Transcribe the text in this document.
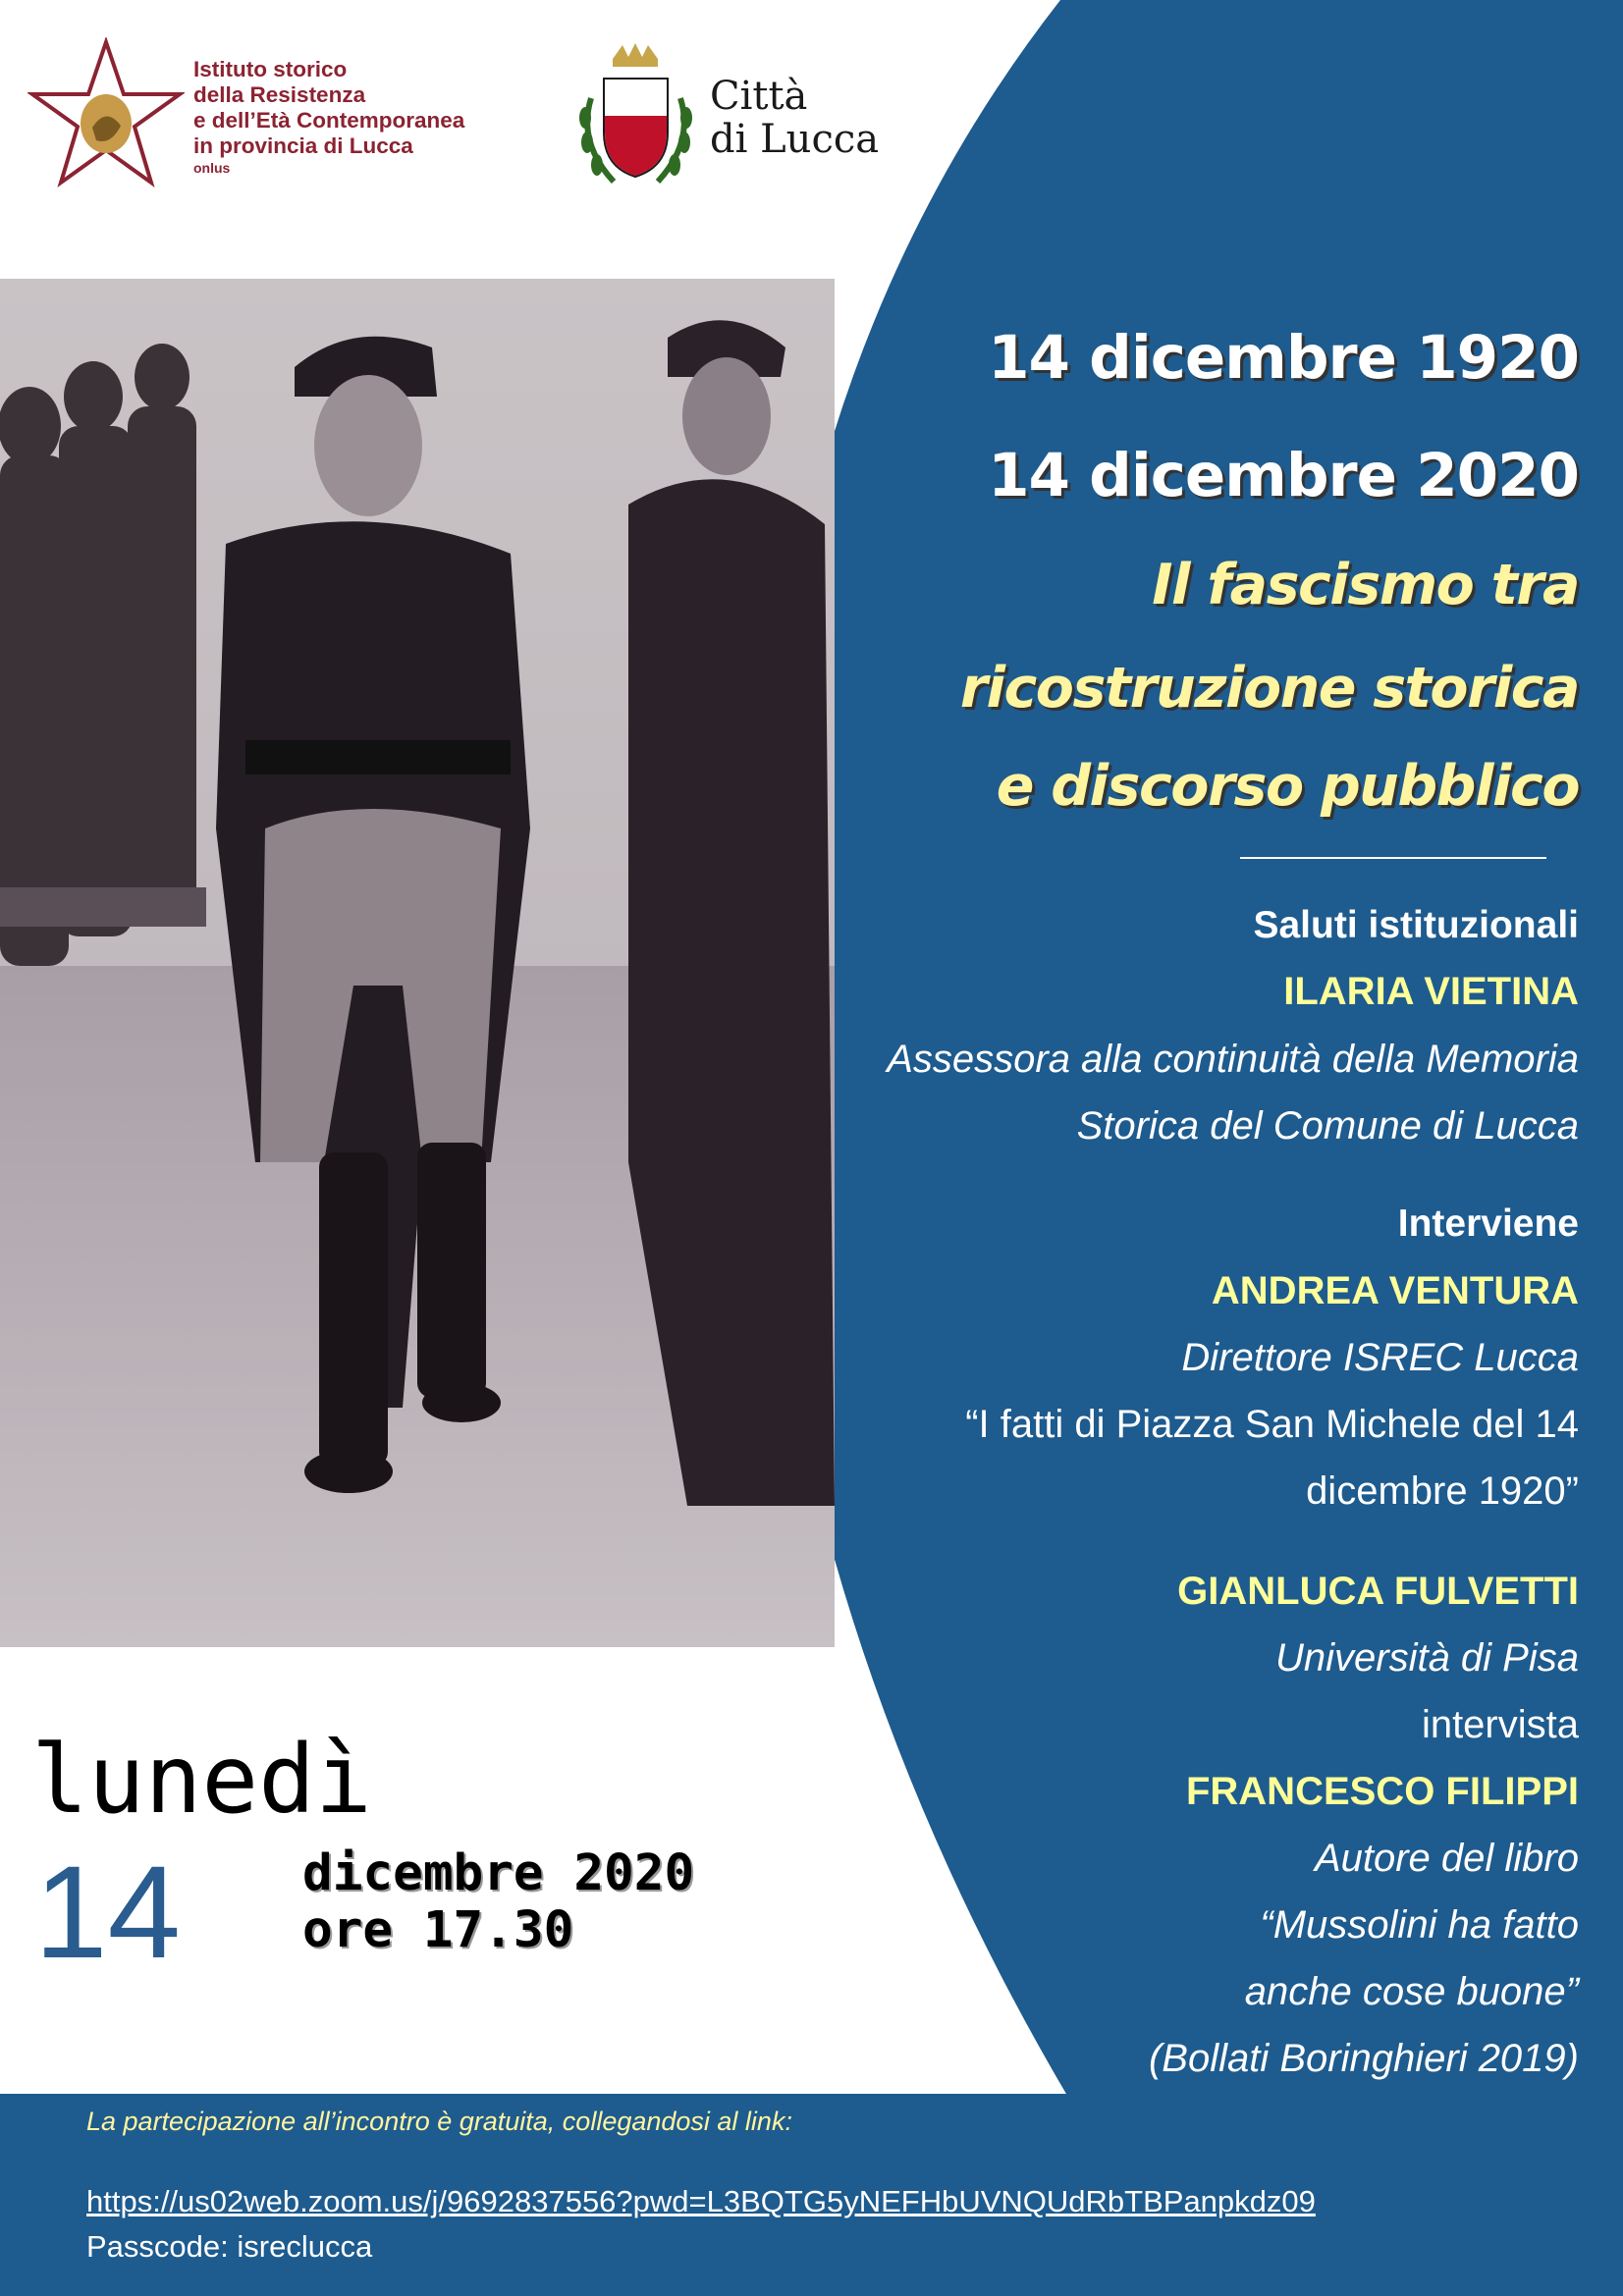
Istituto storico
della Resistenza
e dell’Età Contemporanea
in provincia di Lucca
onlus
Città
di Lucca
14 dicembre 1920
14 dicembre 2020
Il fascismo tra
ricostruzione storica
e discorso pubblico
Saluti istituzionali
ILARIA VIETINA
Assessora alla continuità della Memoria
Storica del Comune di Lucca
Interviene
ANDREA VENTURA
Direttore ISREC Lucca
“I fatti di Piazza San Michele del 14
dicembre 1920”
GIANLUCA FULVETTI
Università di Pisa
intervista
FRANCESCO FILIPPI
Autore del libro
“Mussolini ha fatto
anche cose buone”
(Bollati Boringhieri 2019)
lunedì
14 dicembre 2020
ore 17.30
La partecipazione all’incontro è gratuita, collegandosi al link:
https://us02web.zoom.us/j/9692837556?pwd=L3BQTG5yNEFHbUVNQUdRbTBPanpkdz09
Passcode: isreclucca
